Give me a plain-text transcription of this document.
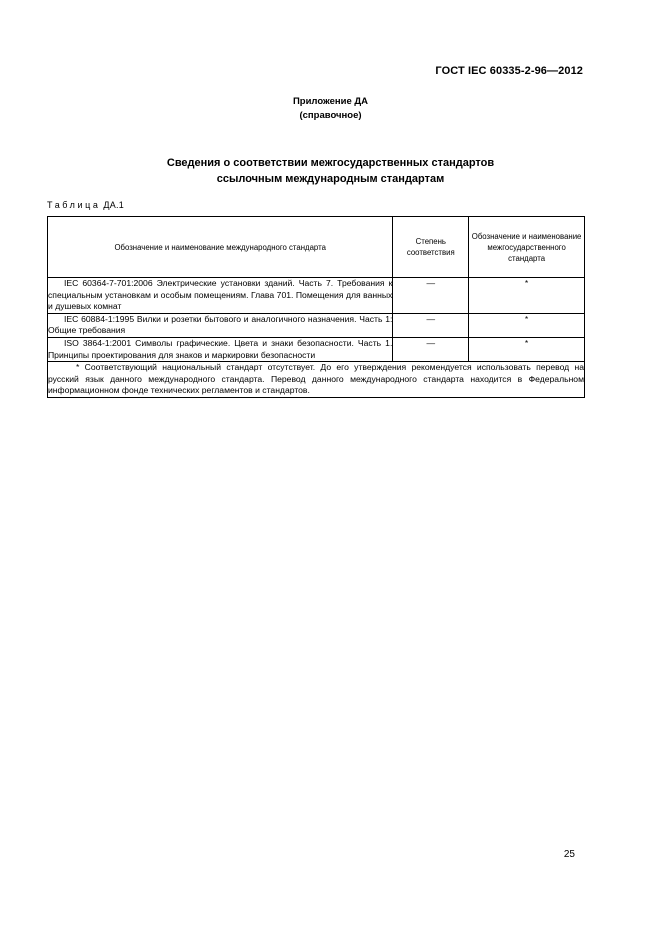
ГОСТ IEC 60335-2-96—2012
Приложение ДА
(справочное)
Сведения о соответствии межгосударственных стандартов
ссылочным международным стандартам
Таблица ДА.1
Обозначение и наименование международного стандарта	Степень соответствия	Обозначение и наименование межгосударственного стандарта

IEC 60364-7-701:2006 Электрические установки зданий. Часть 7. Требования к специальным установкам и особым помещениям. Глава 701. Помещения для ванных и душевых комнат	—	*

IEC 60884-1:1995 Вилки и розетки бытового и аналогичного назначения. Часть 1: Общие требования	—	*

ISO 3864-1:2001 Символы графические. Цвета и знаки безопасности. Часть 1. Принципы проектирования для знаков и маркировки безопасности	—	*

* Соответствующий национальный стандарт отсутствует. До его утверждения рекомендуется использовать перевод на русский язык данного международного стандарта. Перевод данного международного стандарта находится в Федеральном информационном фонде технических регламентов и стандартов.		
25
